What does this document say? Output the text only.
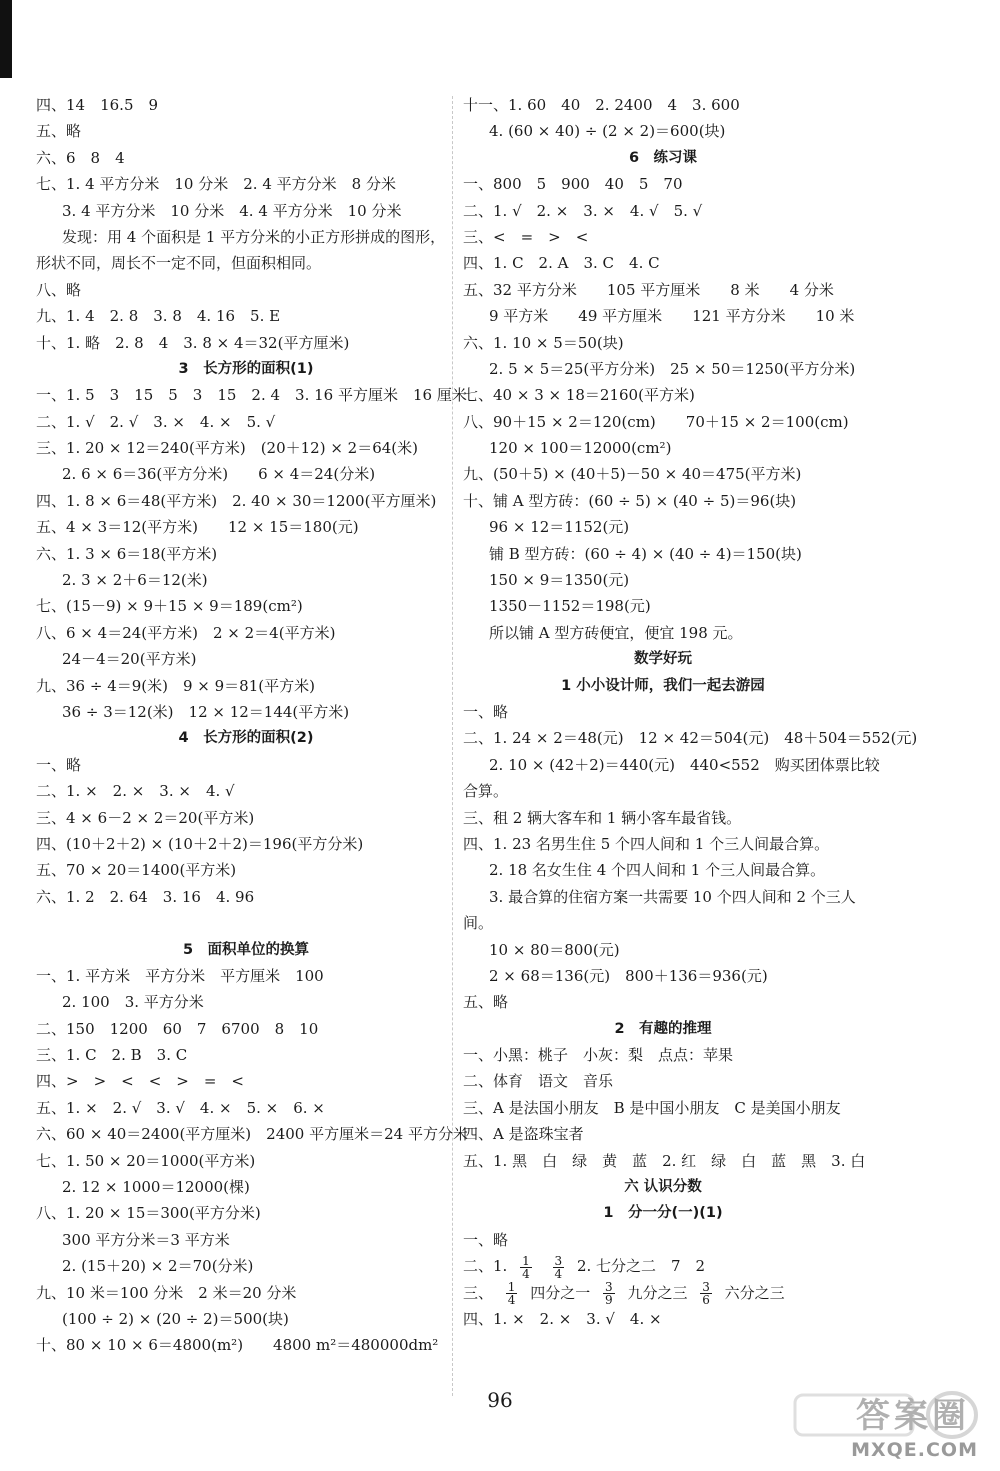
四、14　16.5　9
五、略
六、6　8　4
七、1. 4 平方分米　10 分米　2. 4 平方分米　8 分米
3. 4 平方分米　10 分米　4. 4 平方分米　10 分米
发现：用 4 个面积是 1 平方分米的小正方形拼成的图形，
形状不同，周长不一定不同，但面积相同。
八、略
九、1. 4　2. 8　3. 8　4. 16　5. E
十、1. 略　2. 8　4　3. 8 × 4＝32(平方厘米)
3　长方形的面积(1)
一、1. 5　3　15　5　3　15　2. 4　3. 16 平方厘米　16 厘米
二、1. √　2. √　3. ×　4. ×　5. √
三、1. 20 × 12＝240(平方米)　(20＋12) × 2＝64(米)
2. 6 × 6＝36(平方分米)　　6 × 4＝24(分米)
四、1. 8 × 6＝48(平方米)　2. 40 × 30＝1200(平方厘米)
五、4 × 3＝12(平方米)　　12 × 15＝180(元)
六、1. 3 × 6＝18(平方米)
2. 3 × 2＋6＝12(米)
七、(15－9) × 9＋15 × 9＝189(cm²)
八、6 × 4＝24(平方米)　2 × 2＝4(平方米)
24－4＝20(平方米)
九、36 ÷ 4＝9(米)　9 × 9＝81(平方米)
36 ÷ 3＝12(米)　12 × 12＝144(平方米)
4　长方形的面积(2)
一、略
二、1. ×　2. ×　3. ×　4. √
三、4 × 6－2 × 2＝20(平方米)
四、(10＋2＋2) × (10＋2＋2)＝196(平方分米)
五、70 × 20＝1400(平方米)
六、1. 2　2. 64　3. 16　4. 96
5　面积单位的换算
一、1. 平方米　平方分米　平方厘米　100
2. 100　3. 平方分米
二、150　1200　60　7　6700　8　10
三、1. C　2. B　3. C
四、>　>　<　<　>　=　<
五、1. ×　2. √　3. √　4. ×　5. ×　6. ×
六、60 × 40＝2400(平方厘米)　2400 平方厘米＝24 平方分米
七、1. 50 × 20＝1000(平方米)
2. 12 × 1000＝12000(棵)
八、1. 20 × 15＝300(平方分米)
300 平方分米＝3 平方米
2. (15＋20) × 2＝70(分米)
九、10 米＝100 分米　2 米＝20 分米
(100 ÷ 2) × (20 ÷ 2)＝500(块)
十、80 × 10 × 6＝4800(m²)　　4800 m²＝480000dm²
十一、1. 60　40　2. 2400　4　3. 600
4. (60 × 40) ÷ (2 × 2)＝600(块)
6　练习课
一、800　5　900　40　5　70
二、1. √　2. ×　3. ×　4. √　5. √
三、<　=　>　<
四、1. C　2. A　3. C　4. C
五、32 平方分米　　105 平方厘米　　8 米　　4 分米
9 平方米　　49 平方厘米　　121 平方分米　　10 米
六、1. 10 × 5＝50(块)
2. 5 × 5＝25(平方分米)　25 × 50＝1250(平方分米)
七、40 × 3 × 18＝2160(平方米)
八、90＋15 × 2＝120(cm)　　70＋15 × 2＝100(cm)
120 × 100＝12000(cm²)
九、(50＋5) × (40＋5)－50 × 40＝475(平方米)
十、铺 A 型方砖：(60 ÷ 5) × (40 ÷ 5)＝96(块)
96 × 12＝1152(元)
铺 B 型方砖：(60 ÷ 4) × (40 ÷ 4)＝150(块)
150 × 9＝1350(元)
1350－1152＝198(元)
所以铺 A 型方砖便宜，便宜 198 元。
数学好玩
1 小小设计师，我们一起去游园
一、略
二、1. 24 × 2＝48(元)　12 × 42＝504(元)　48＋504＝552(元)
2. 10 × (42＋2)＝440(元)　440<552　购买团体票比较
合算。
三、租 2 辆大客车和 1 辆小客车最省钱。
四、1. 23 名男生住 5 个四人间和 1 个三人间最合算。
2. 18 名女生住 4 个四人间和 1 个三人间最合算。
3. 最合算的住宿方案一共需要 10 个四人间和 2 个三人
间。
10 × 80＝800(元)
2 × 68＝136(元)　800＋136＝936(元)
五、略
2　有趣的推理
一、小黑：桃子　小灰：梨　点点：苹果
二、体育　语文　音乐
三、A 是法国小朋友　B 是中国小朋友　C 是美国小朋友
四、A 是盗珠宝者
五、1. 黑　白　绿　黄　蓝　2. 红　绿　白　蓝　黑　3. 白
六 认识分数
1　分一分(一)(1)
一、略
二、1. $\frac{1}{4}$
$\frac{3}{4} 2$. 七分之二　7　2
三、 $\frac{1}{4}$ 四分之一 $\frac{3}{9}$ 九分之三 $\frac{3}{6}$ 六分之三
四、1. ×　2. ×　3. √　4. ×
96	答案圈
MXQE.COM
